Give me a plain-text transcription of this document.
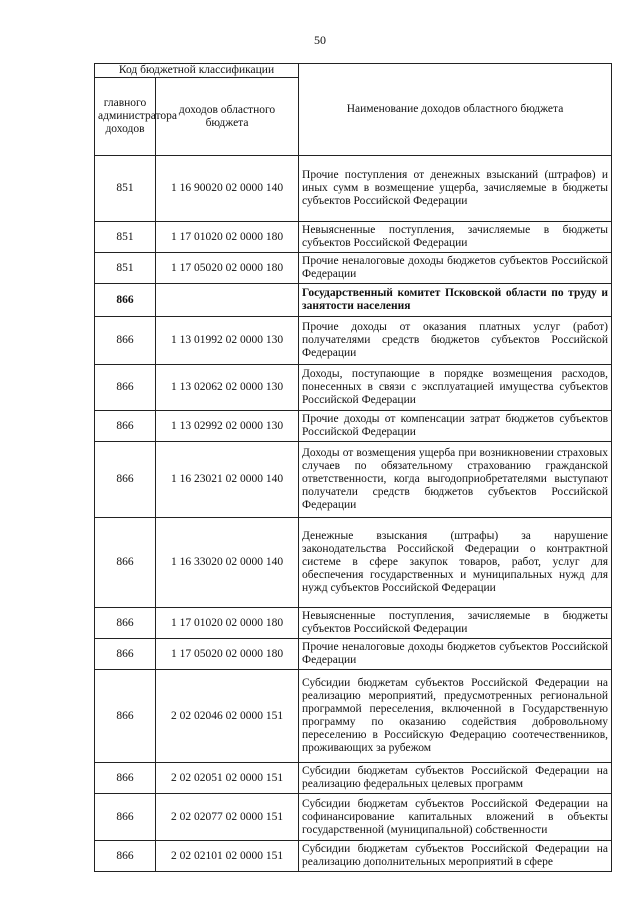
50
Код бюджетной классификации		Наименование доходов областного бюджета
главного администратора доходов	доходов областного бюджета	
851	1 16 90020 02 0000 140	Прочие поступления от денежных взысканий (штрафов) и иных сумм в возмещение ущерба, зачисляемые в бюджеты субъектов Российской Федерации
851	1 17 01020 02 0000 180	Невыясненные поступления, зачисляемые в бюджеты субъектов Российской Федерации
851	1 17 05020 02 0000 180	Прочие неналоговые доходы бюджетов субъектов Российской Федерации
866		Государственный комитет Псковской области по труду и занятости населения
866	1 13 01992 02 0000 130	Прочие доходы от оказания платных услуг (работ) получателями средств бюджетов субъектов Российской Федерации
866	1 13 02062 02 0000 130	Доходы, поступающие в порядке возмещения расходов, понесенных в связи с эксплуатацией имущества субъектов Российской Федерации
866	1 13 02992 02 0000 130	Прочие доходы от компенсации затрат бюджетов субъектов Российской Федерации
866	1 16 23021 02 0000 140	Доходы от возмещения ущерба при возникновении страховых случаев по обязательному страхованию гражданской ответственности, когда выгодоприобретателями выступают получатели средств бюджетов субъектов Российской Федерации
866	1 16 33020 02 0000 140	Денежные взыскания (штрафы) за нарушение законодательства Российской Федерации о контрактной системе в сфере закупок товаров, работ, услуг для обеспечения государственных и муниципальных нужд для нужд субъектов Российской Федерации
866	1 17 01020 02 0000 180	Невыясненные поступления, зачисляемые в бюджеты субъектов Российской Федерации
866	1 17 05020 02 0000 180	Прочие неналоговые доходы бюджетов субъектов Российской Федерации
866	2 02 02046 02 0000 151	Субсидии бюджетам субъектов Российской Федерации на реализацию мероприятий, предусмотренных региональной программой переселения, включенной в Государственную программу по оказанию содействия добровольному переселению в Российскую Федерацию соотечественников, проживающих за рубежом
866	2 02 02051 02 0000 151	Субсидии бюджетам субъектов Российской Федерации на реализацию федеральных целевых программ
866	2 02 02077 02 0000 151	Субсидии бюджетам субъектов Российской Федерации на софинансирование капитальных вложений в объекты государственной (муниципальной) собственности
866	2 02 02101 02 0000 151	Субсидии бюджетам субъектов Российской Федерации на реализацию дополнительных мероприятий в сфере
